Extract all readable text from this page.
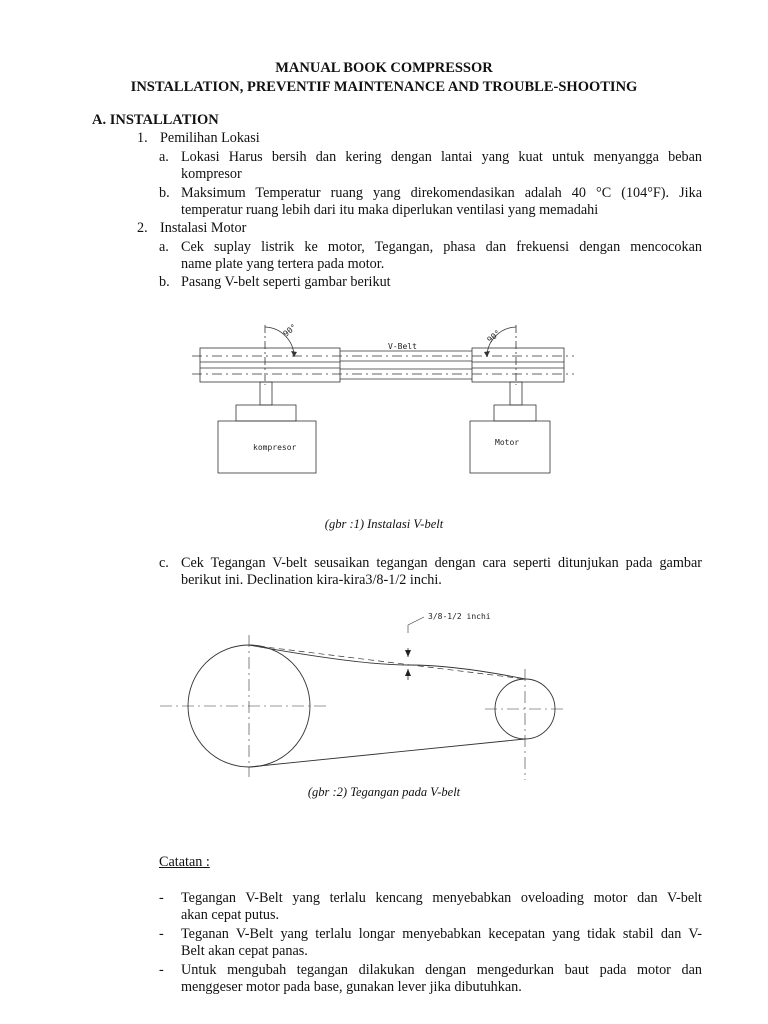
MANUAL BOOK COMPRESSOR
INSTALLATION, PREVENTIF MAINTENANCE AND TROUBLE-SHOOTING
A. INSTALLATION
1. Pemilihan Lokasi
a. Lokasi Harus bersih dan kering dengan lantai yang kuat untuk menyangga beban
kompresor
b. Maksimum Temperatur ruang yang direkomendasikan adalah 40 °C (104°F). Jika
temperatur ruang lebih dari itu maka diperlukan ventilasi yang memadahi
2. Instalasi Motor
a. Cek suplay listrik ke motor, Tegangan, phasa dan frekuensi dengan mencocokan
name plate yang tertera pada motor.
b. Pasang V-belt seperti gambar berikut
V-Belt
90°	90°
kompresor
Motor
(gbr :1) Instalasi V-belt
c. Cek Tegangan V-belt seusaikan tegangan dengan cara seperti ditunjukan pada gambar
berikut ini. Declination kira-kira3/8-1/2 inchi.
3/8-1/2 inchi
(gbr :2) Tegangan pada V-belt
Catatan :
- Tegangan V-Belt yang terlalu kencang menyebabkan oveloading motor dan V-belt
akan cepat putus.
- Teganan V-Belt yang terlalu longar menyebabkan kecepatan yang tidak stabil dan V-
Belt akan cepat panas.
- Untuk mengubah tegangan dilakukan dengan mengedurkan baut pada motor dan
menggeser motor pada base, gunakan lever jika dibutuhkan.
